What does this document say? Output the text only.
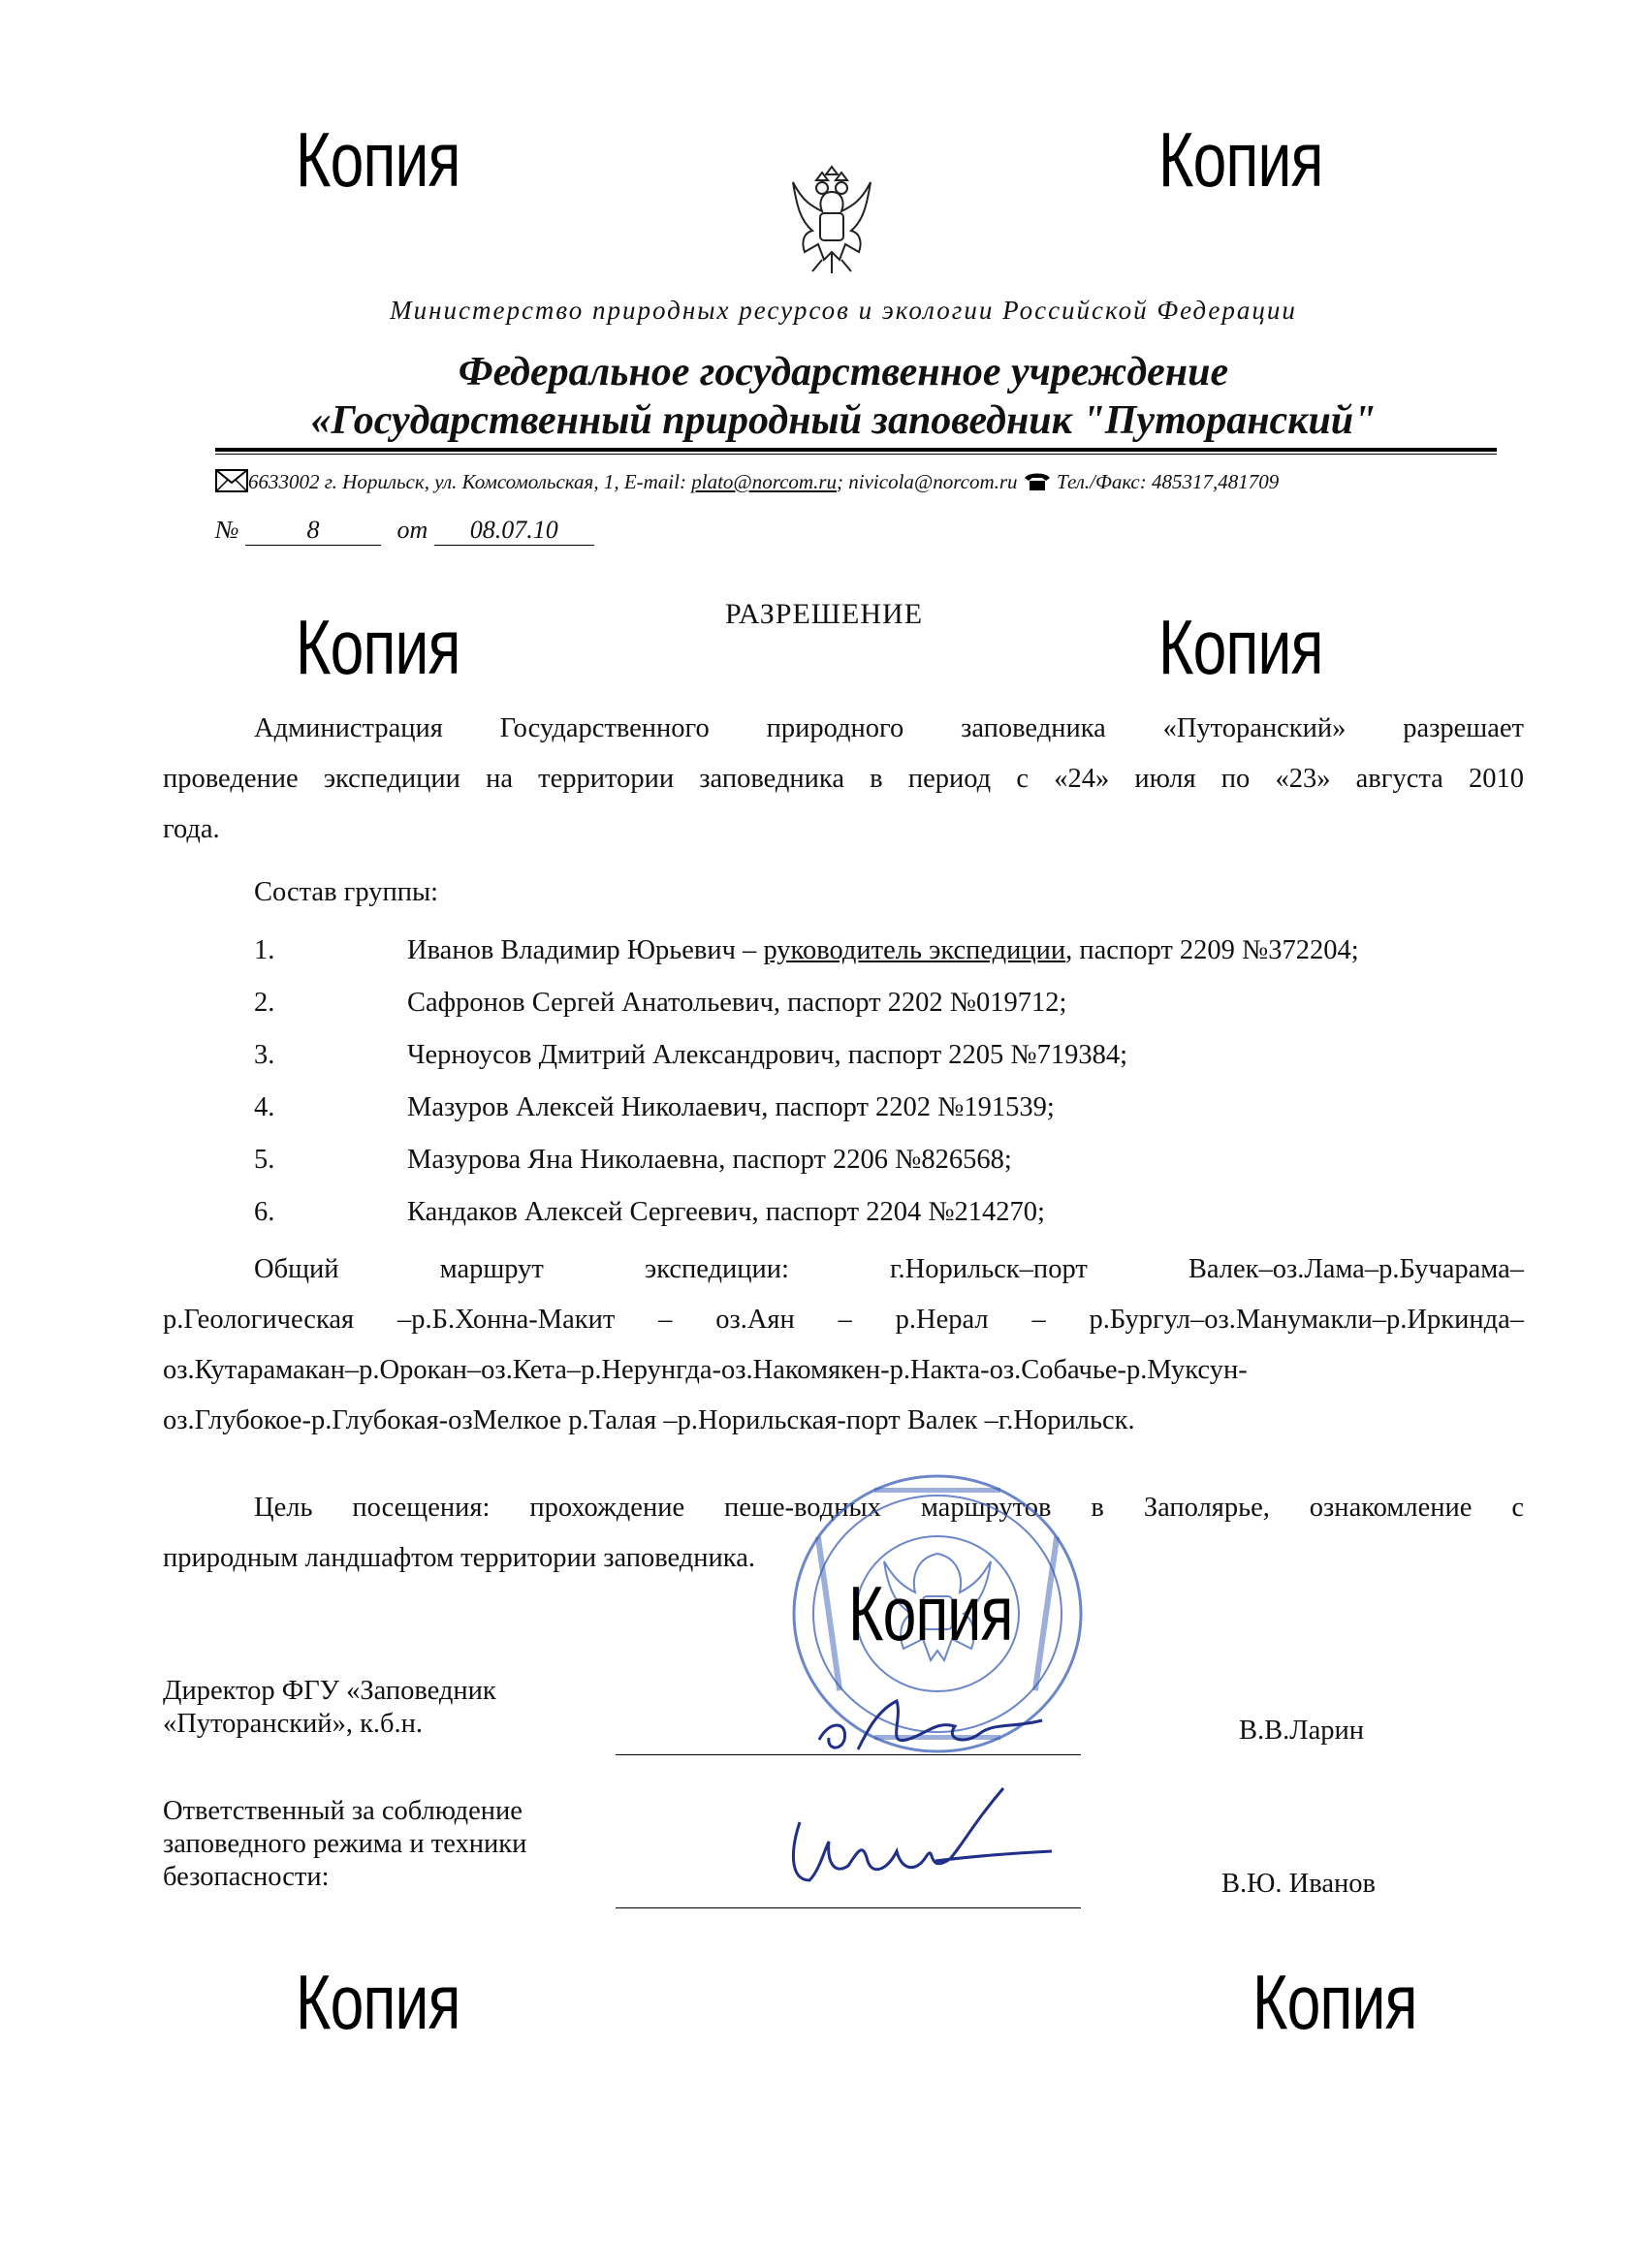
Копия	Копия
Копия	Копия
Копия	Копия
Министерство природных ресурсов и экологии Российской Федерации
Федеральное государственное учреждение
«Государственный природный заповедник "Путоранский"
6633002 г. Норильск, ул. Комсомольская, 1, E-mail: plato@norcom.ru; nivicola@norcom.ru Тел./Факс: 485317,481709
№	8	от 08.07.10
РАЗРЕШЕНИЕ
Администрация Государственного природного заповедника «Путоранский» разрешает
проведение экспедиции на территории заповедника в период с «24» июля по «23» августа 2010
года.
Состав группы:
1.	Иванов Владимир Юрьевич – руководитель экспедиции, паспорт 2209 №372204;
2.	Сафронов Сергей Анатольевич, паспорт 2202 №019712;
3.	Черноусов Дмитрий Александрович, паспорт 2205 №719384;
4.	Мазуров Алексей Николаевич, паспорт 2202 №191539;
5.	Мазурова Яна Николаевна, паспорт 2206 №826568;
6.	Кандаков Алексей Сергеевич, паспорт 2204 №214270;
Общий маршрут экспедиции: г.Норильск–порт Валек–оз.Лама–р.Бучарама–
р.Геологическая –р.Б.Хонна-Макит – оз.Аян – р.Нерал – р.Бургул–оз.Манумакли–р.Иркинда–
оз.Кутарамакан–р.Орокан–оз.Кета–р.Нерунгда-оз.Накомякен-р.Накта-оз.Собачье-р.Муксун-
оз.Глубокое-р.Глубокая-озМелкое р.Талая –р.Норильская-порт Валек –г.Норильск.
Цель посещения: прохождение пеше-водных маршрутов в Заполярье, ознакомление с
природным ландшафтом территории заповедника.
Копия
Директор ФГУ «Заповедник
«Путоранский», к.б.н.	В.В.Ларин
Ответственный за соблюдение
заповедного режима и техники
безопасности:	В.Ю. Иванов
